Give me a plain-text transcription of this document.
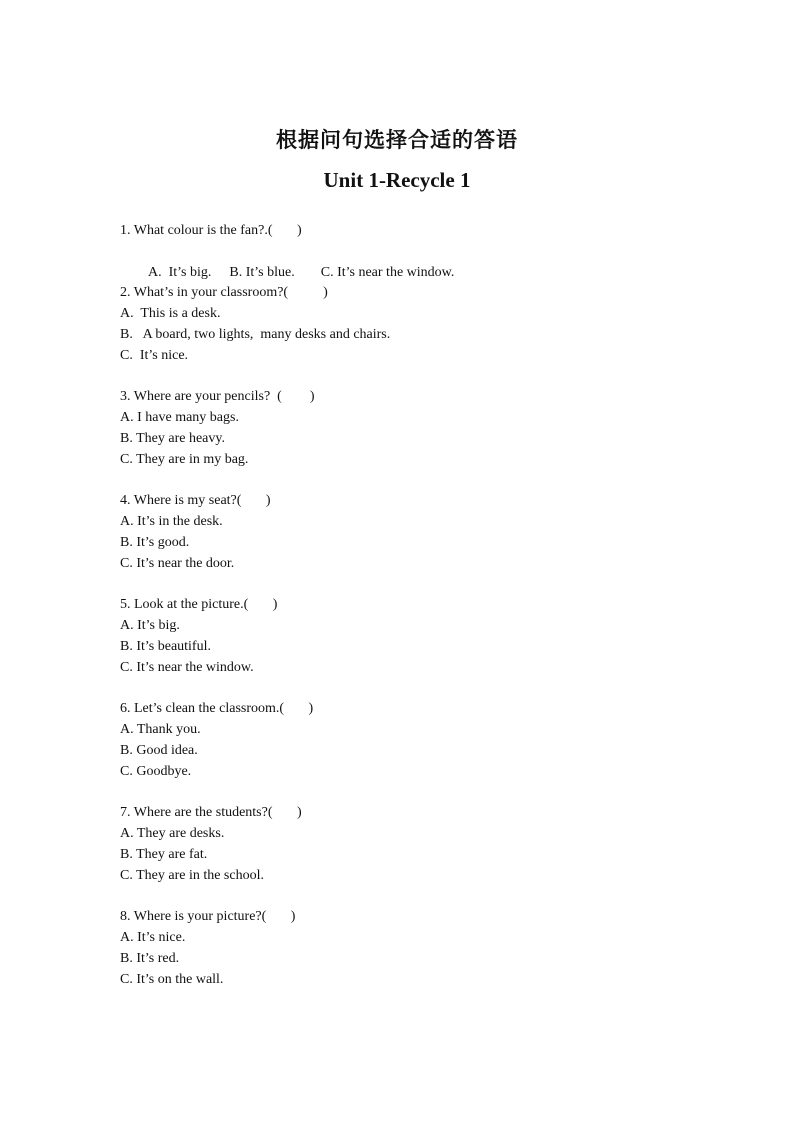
根据问句选择合适的答语
Unit 1-Recycle 1
1. What colour is the fan?.(       )

A.  It’s big. B. It’s blue. C. It’s near the window.

2. What’s in your classroom?(          )
A.  This is a desk.
B.   A board, two lights,  many desks and chairs.
C.  It’s nice.
3. Where are your pencils?  (        )
A. I have many bags.
B. They are heavy.
C. They are in my bag.
4. Where is my seat?(       )
A. It’s in the desk.
B. It’s good.
C. It’s near the door.
5. Look at the picture.(       )
A. It’s big.
B. It’s beautiful.
C. It’s near the window.
6. Let’s clean the classroom.(       )
A. Thank you.
B. Good idea.
C. Goodbye.
7. Where are the students?(       )
A. They are desks.
B. They are fat.
C. They are in the school.
8. Where is your picture?(       )
A. It’s nice.
B. It’s red.
C. It’s on the wall.
